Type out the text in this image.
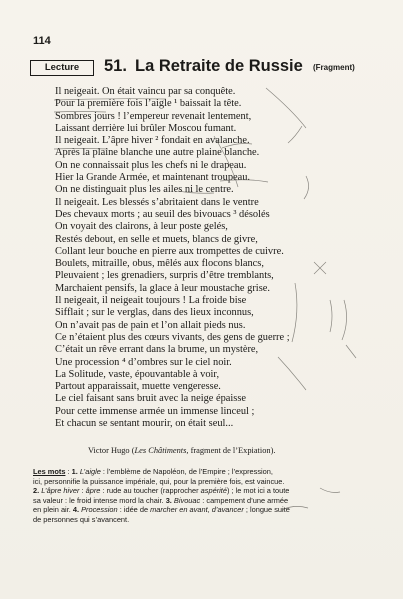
114
Lecture	51. La Retraite de Russie (Fragment)
Il neigeait. On était vaincu par sa conquête.
Pour la première fois l’aigle ¹ baissait la tête.
Sombres jours ! l’empereur revenait lentement,
Laissant derrière lui brûler Moscou fumant.
Il neigeait. L’âpre hiver ² fondait en avalanche.
Après la plaine blanche une autre plaine blanche.
On ne connaissait plus les chefs ni le drapeau.
Hier la Grande Armée, et maintenant troupeau.
On ne distinguait plus les ailes ni le centre.
Il neigeait. Les blessés s’abritaient dans le ventre
Des chevaux morts ; au seuil des bivouacs ³ désolés
On voyait des clairons, à leur poste gelés,
Restés debout, en selle et muets, blancs de givre,
Collant leur bouche en pierre aux trompettes de cuivre.
Boulets, mitraille, obus, mêlés aux flocons blancs,
Pleuvaient ; les grenadiers, surpris d’être tremblants,
Marchaient pensifs, la glace à leur moustache grise.
Il neigeait, il neigeait toujours ! La froide bise
Sifflait ; sur le verglas, dans des lieux inconnus,
On n’avait pas de pain et l’on allait pieds nus.
Ce n’étaient plus des cœurs vivants, des gens de guerre ;
C’était un rêve errant dans la brume, un mystère,
Une procession ⁴ d’ombres sur le ciel noir.
La Solitude, vaste, épouvantable à voir,
Partout apparaissait, muette vengeresse.
Le ciel faisant sans bruit avec la neige épaisse
Pour cette immense armée un immense linceul ;
Et chacun se sentant mourir, on était seul...
Victor Hugo (Les Châtiments, fragment de l’Expiation).
Les mots : 1. L’aigle : l’emblème de Napoléon, de l’Empire ; l’expression,
ici, personnifie la puissance impériale, qui, pour la première fois, est vaincue.
2. L’âpre hiver : âpre : rude au toucher (rapprocher aspérité) ; le mot ici a toute
sa valeur : le froid intense mord la chair. 3. Bivouac : campement d’une armée
en plein air. 4. Procession : idée de marcher en avant, d’avancer ; longue suite
de personnes qui s’avancent.
